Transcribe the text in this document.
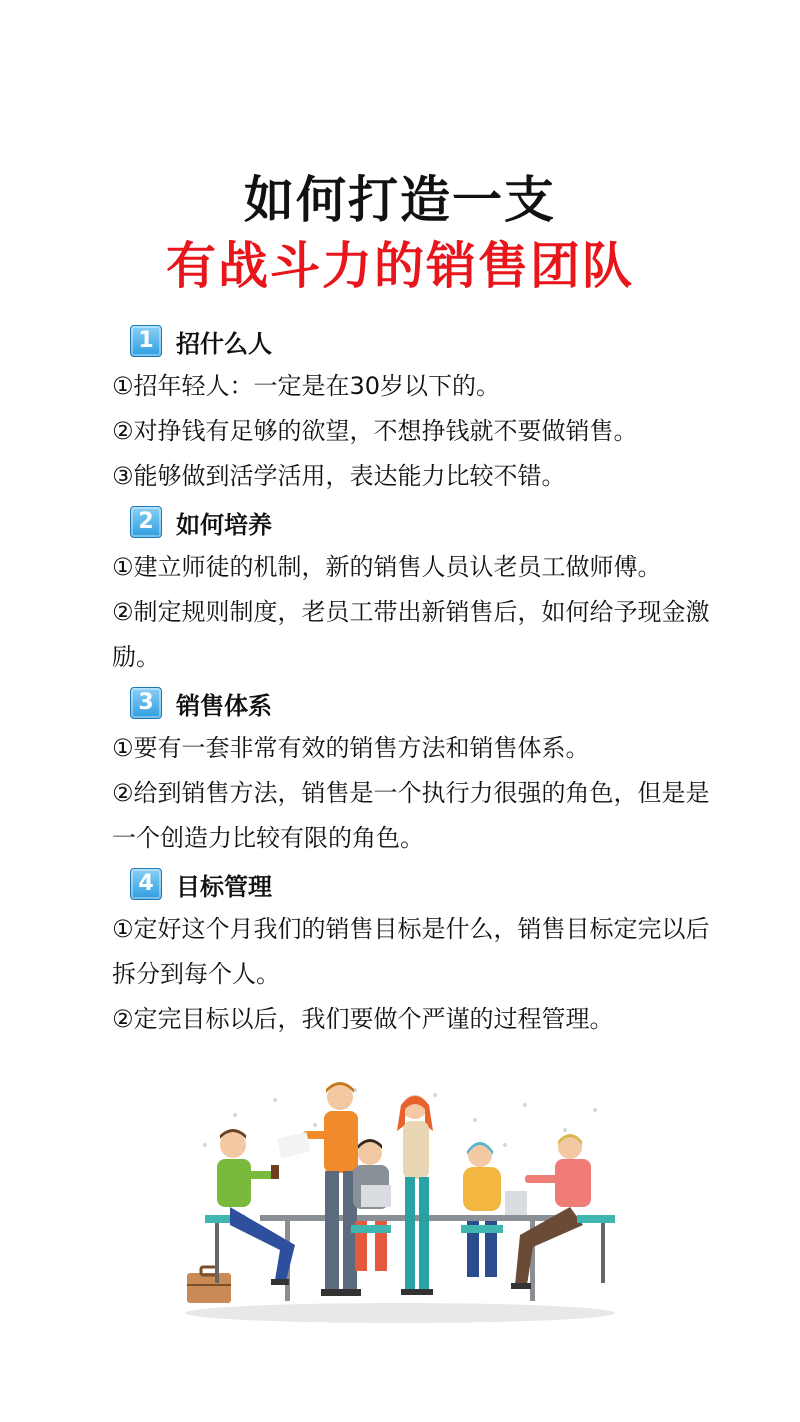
如何打造一支
有战斗力的销售团队
1 招什么人
①招年轻人：一定是在30岁以下的。
②对挣钱有足够的欲望，不想挣钱就不要做销售。
③能够做到活学活用，表达能力比较不错。
2 如何培养
①建立师徒的机制，新的销售人员认老员工做师傅。
②制定规则制度，老员工带出新销售后，如何给予现金激励。
3 销售体系
①要有一套非常有效的销售方法和销售体系。
②给到销售方法，销售是一个执行力很强的角色，但是是一个创造力比较有限的角色。
4 目标管理
①定好这个月我们的销售目标是什么，销售目标定完以后拆分到每个人。
②定完目标以后，我们要做个严谨的过程管理。
